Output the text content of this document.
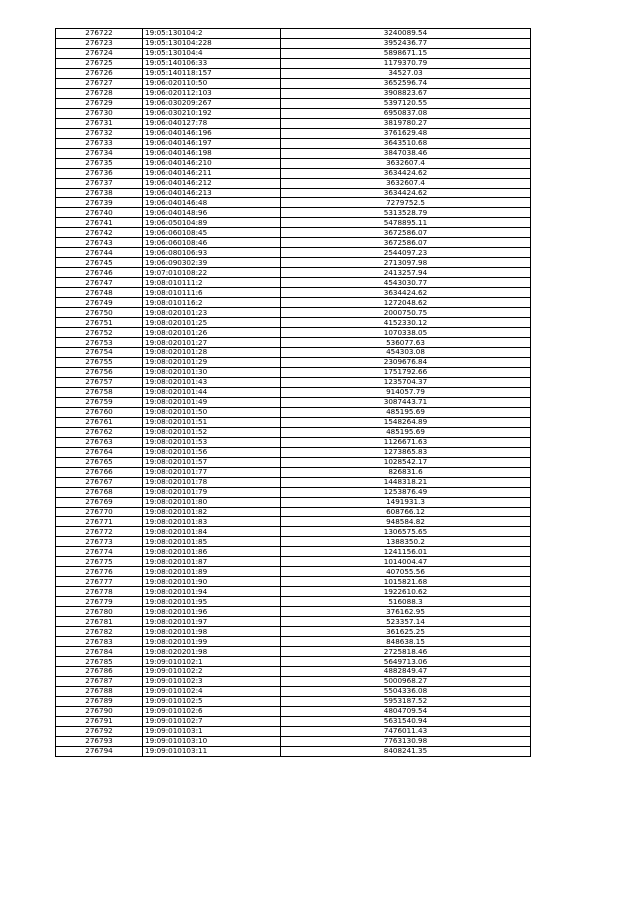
276722	19:05:130104:2	3240089.54
276723	19:05:130104:228	3952436.77
276724	19:05:130104:4	5898671.15
276725	19:05:140106:33	1179370.79
276726	19:05:140118:157	34527.03
276727	19:06:020110:50	3652596.74
276728	19:06:020112:103	3908823.67
276729	19:06:030209:267	5397120.55
276730	19:06:030210:192	6950837.08
276731	19:06:040127:78	3819780.27
276732	19:06:040146:196	3761629.48
276733	19:06:040146:197	3643510.68
276734	19:06:040146:198	3847038.46
276735	19:06:040146:210	3632607.4
276736	19:06:040146:211	3634424.62
276737	19:06:040146:212	3632607.4
276738	19:06:040146:213	3634424.62
276739	19:06:040146:48	7279752.5
276740	19:06:040148:96	5313528.79
276741	19:06:050104:89	5478895.11
276742	19:06:060108:45	3672586.07
276743	19:06:060108:46	3672586.07
276744	19:06:080106:93	2544097.23
276745	19:06:090302:39	2713097.98
276746	19:07:010108:22	2413257.94
276747	19:08:010111:2	4543030.77
276748	19:08:010111:6	3634424.62
276749	19:08:010116:2	1272048.62
276750	19:08:020101:23	2000750.75
276751	19:08:020101:25	4152330.12
276752	19:08:020101:26	1070338.05
276753	19:08:020101:27	536077.63
276754	19:08:020101:28	454303.08
276755	19:08:020101:29	2309676.84
276756	19:08:020101:30	1751792.66
276757	19:08:020101:43	1235704.37
276758	19:08:020101:44	914057.79
276759	19:08:020101:49	3087443.71
276760	19:08:020101:50	485195.69
276761	19:08:020101:51	1548264.89
276762	19:08:020101:52	485195.69
276763	19:08:020101:53	1126671.63
276764	19:08:020101:56	1273865.83
276765	19:08:020101:57	1028542.17
276766	19:08:020101:77	826831.6
276767	19:08:020101:78	1448318.21
276768	19:08:020101:79	1253876.49
276769	19:08:020101:80	1491931.3
276770	19:08:020101:82	608766.12
276771	19:08:020101:83	948584.82
276772	19:08:020101:84	1306575.65
276773	19:08:020101:85	1388350.2
276774	19:08:020101:86	1241156.01
276775	19:08:020101:87	1014004.47
276776	19:08:020101:89	407055.56
276777	19:08:020101:90	1015821.68
276778	19:08:020101:94	1922610.62
276779	19:08:020101:95	516088.3
276780	19:08:020101:96	376162.95
276781	19:08:020101:97	523357.14
276782	19:08:020101:98	361625.25
276783	19:08:020101:99	848638.15
276784	19:08:020201:98	2725818.46
276785	19:09:010102:1	5649713.06
276786	19:09:010102:2	4882849.47
276787	19:09:010102:3	5000968.27
276788	19:09:010102:4	5504336.08
276789	19:09:010102:5	5953187.52
276790	19:09:010102:6	4804709.54
276791	19:09:010102:7	5631540.94
276792	19:09:010103:1	7476011.43
276793	19:09:010103:10	7763130.98
276794	19:09:010103:11	8408241.35
